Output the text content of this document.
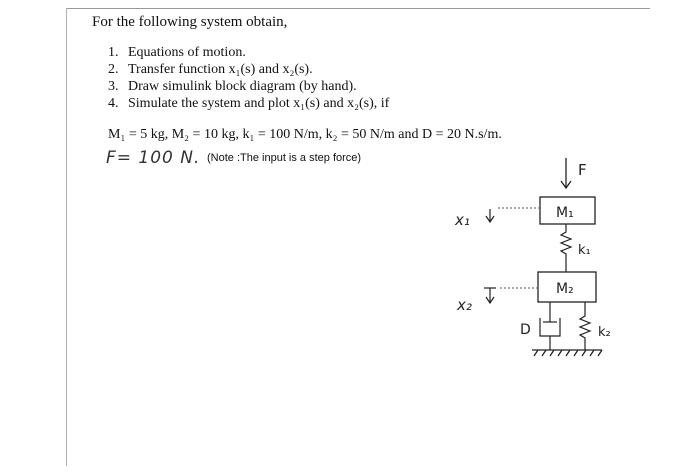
For the following system obtain,
1. Equations of motion.
2. Transfer function x₁(s) and x₂(s).
3. Draw simulink block diagram (by hand).
4. Simulate the system and plot x₁(s) and x₂(s), if
M₁ = 5 kg, M₂ = 10 kg, k₁ = 100 N/m, k₂ = 50 N/m and D = 20 N.s/m.
F= 100 N. (Note :The input is a step force)
F
M₁
x₁
k₁
M₂
x₂
D	k₂
